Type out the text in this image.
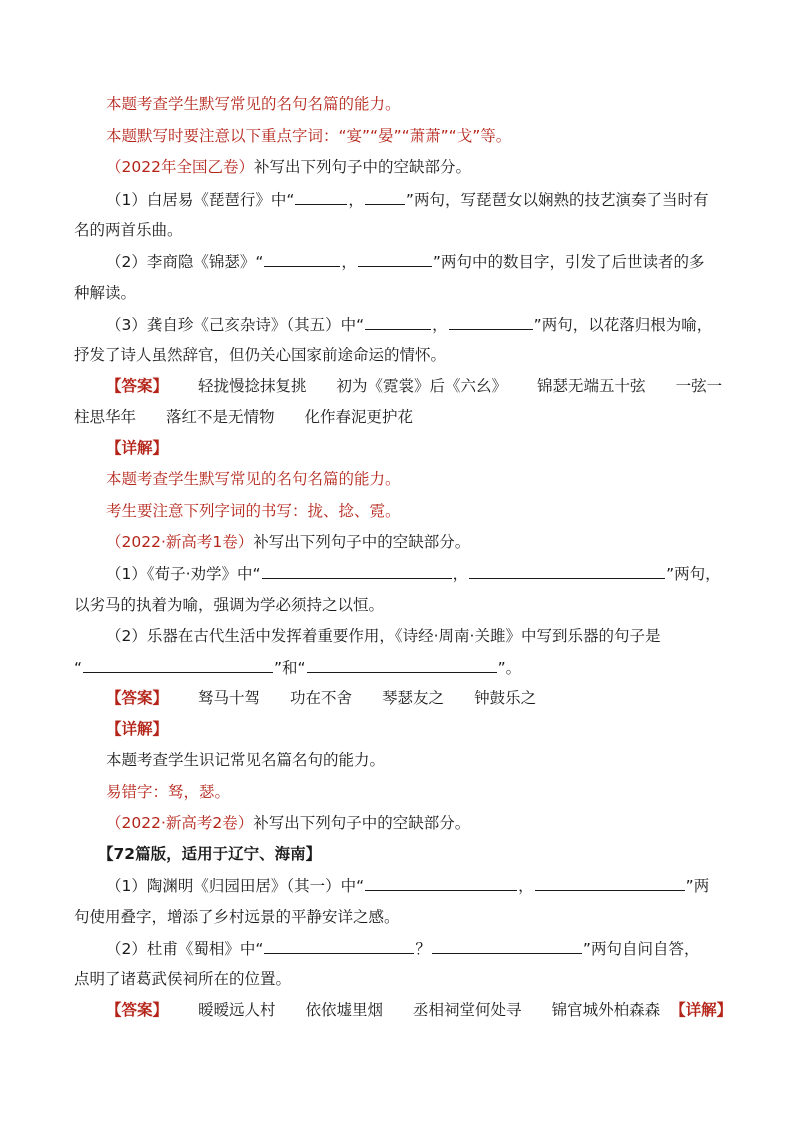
本题考查学生默写常见的名句名篇的能力。
本题默写时要注意以下重点字词：“宴”“晏”“萧萧”“戈”等。
（2022年全国乙卷）补写出下列句子中的空缺部分。
（1）白居易《琵琶行》中“	，	”两句，写琵琶女以娴熟的技艺演奏了当时有
名的两首乐曲。
（2）李商隐《锦瑟》“	，	”两句中的数目字，引发了后世读者的多
种解读。
（3）龚自珍《己亥杂诗》（其五）中“	，	”两句，以花落归根为喻，
抒发了诗人虽然辞官，但仍关心国家前途命运的情怀。
【答案】 轻拢慢捻抹复挑 初为《霓裳》后《六幺》 锦瑟无端五十弦 一弦一
柱思华年 落红不是无情物 化作春泥更护花
【详解】
本题考查学生默写常见的名句名篇的能力。
考生要注意下列字词的书写：拢、捻、霓。
（2022·新高考1卷）补写出下列句子中的空缺部分。
（1）《荀子·劝学》中“	，	”两句，
以劣马的执着为喻，强调为学必须持之以恒。
（2）乐器在古代生活中发挥着重要作用，《诗经·周南·关雎》中写到乐器的句子是
“	”和“	”。
【答案】 驽马十驾 功在不舍 琴瑟友之 钟鼓乐之
【详解】
本题考查学生识记常见名篇名句的能力。
易错字：驽，瑟。
（2022·新高考2卷）补写出下列句子中的空缺部分。
【72篇版，适用于辽宁、海南】
（1）陶渊明《归园田居》（其一）中“	，	”两
句使用叠字，增添了乡村远景的平静安详之感。
（2）杜甫《蜀相》中“	？	”两句自问自答，
点明了诸葛武侯祠所在的位置。
【答案】 暧暧远人村 依依墟里烟 丞相祠堂何处寻 锦官城外柏森森 【详解】
